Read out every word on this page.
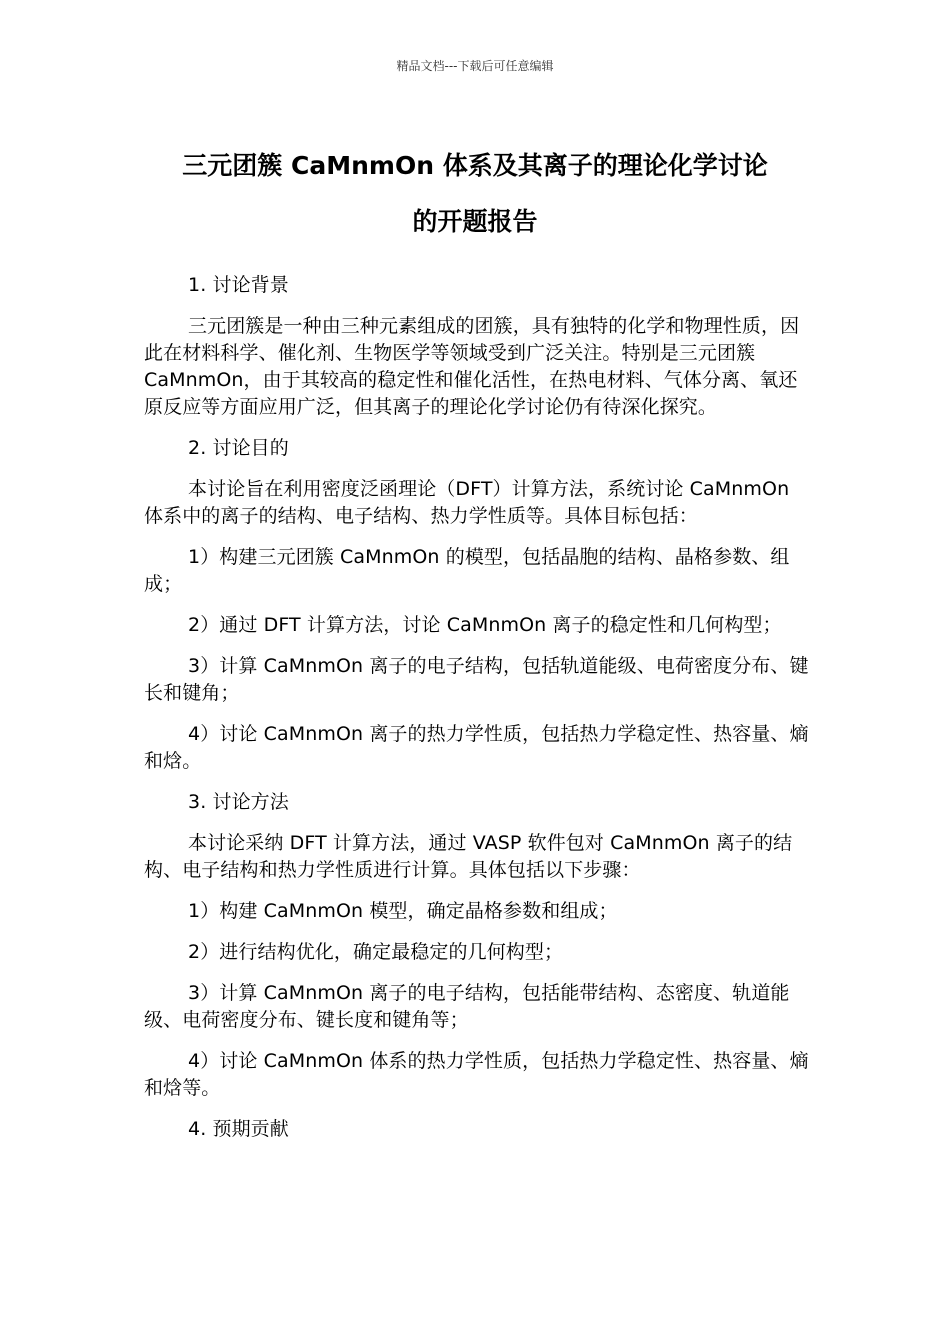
精品文档---下载后可任意编辑
三元团簇 CaMnmOn 体系及其离子的理论化学讨论
的开题报告

1. 讨论背景

三元团簇是一种由三种元素组成的团簇，具有独特的化学和物理性质，因此在材料科学、催化剂、生物医学等领域受到广泛关注。特别是三元团簇 CaMnmOn，由于其较高的稳定性和催化活性，在热电材料、气体分离、氧还原反应等方面应用广泛，但其离子的理论化学讨论仍有待深化探究。

2. 讨论目的

本讨论旨在利用密度泛函理论（DFT）计算方法，系统讨论 CaMnmOn 体系中的离子的结构、电子结构、热力学性质等。具体目标包括：

1）构建三元团簇 CaMnmOn 的模型，包括晶胞的结构、晶格参数、组成；

2）通过 DFT 计算方法，讨论 CaMnmOn 离子的稳定性和几何构型；

3）计算 CaMnmOn 离子的电子结构，包括轨道能级、电荷密度分布、键长和键角；

4）讨论 CaMnmOn 离子的热力学性质，包括热力学稳定性、热容量、熵和焓。

3. 讨论方法

本讨论采纳 DFT 计算方法，通过 VASP 软件包对 CaMnmOn 离子的结构、电子结构和热力学性质进行计算。具体包括以下步骤：

1）构建 CaMnmOn 模型，确定晶格参数和组成；

2）进行结构优化，确定最稳定的几何构型；

3）计算 CaMnmOn 离子的电子结构，包括能带结构、态密度、轨道能级、电荷密度分布、键长度和键角等；

4）讨论 CaMnmOn 体系的热力学性质，包括热力学稳定性、热容量、熵和焓等。

4. 预期贡献
